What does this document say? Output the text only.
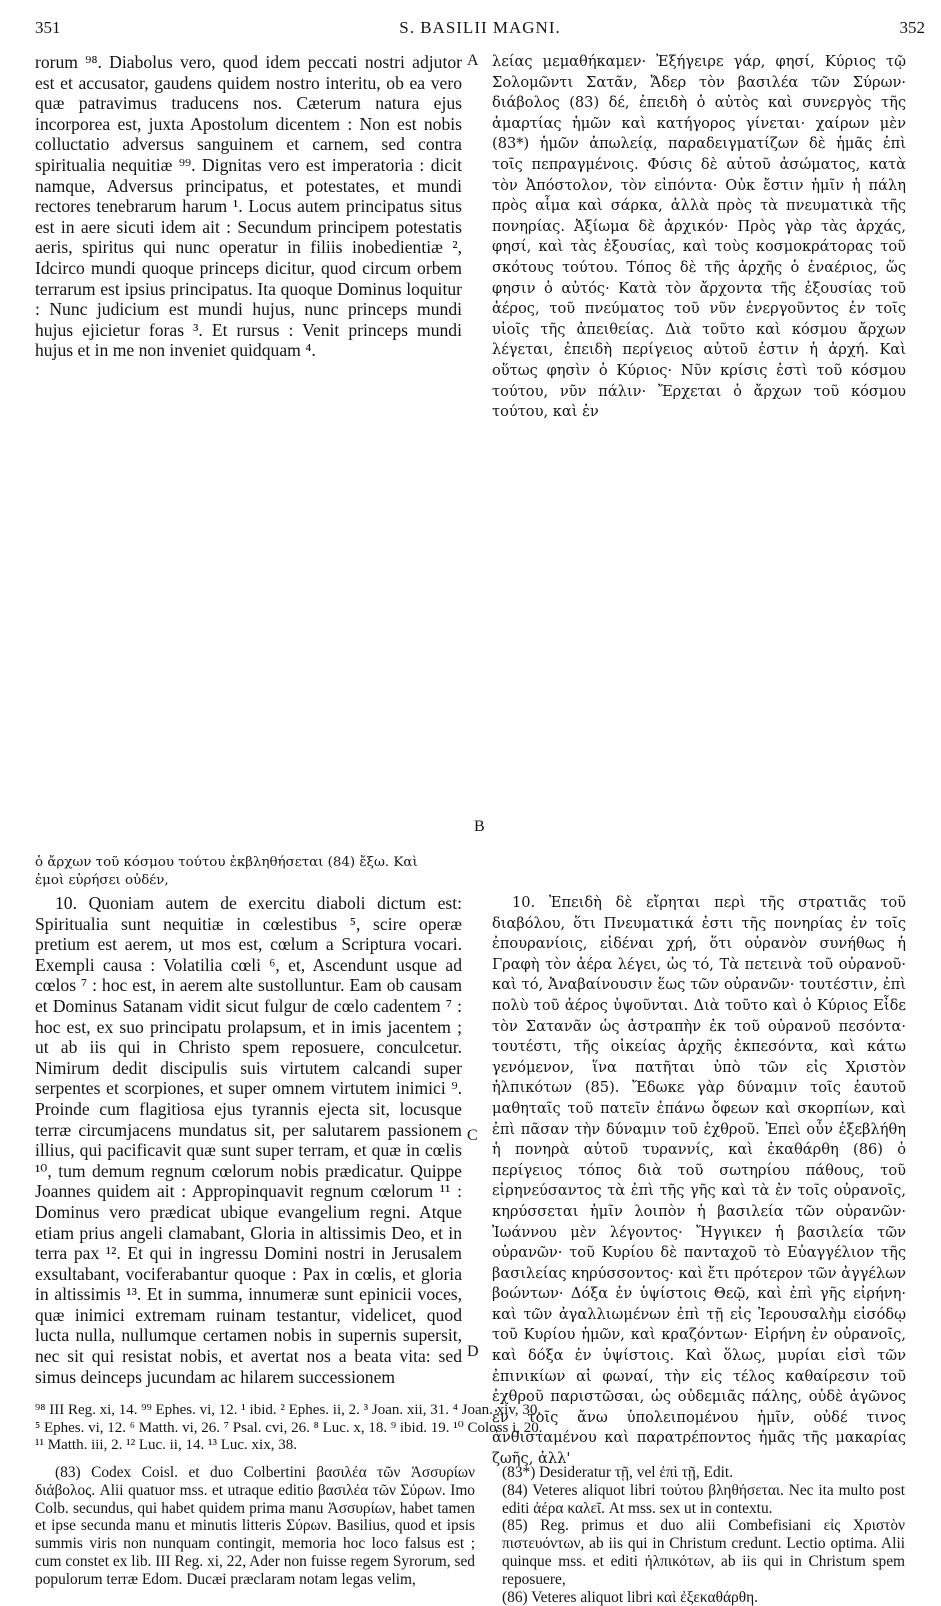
351	S. BASILII MAGNI.	352

rorum ⁹⁸. Diabolus vero, quod idem peccati nostri adjutor est et accusator, gaudens quidem nostro interitu, ob ea vero quæ patravimus traducens nos. Cæterum natura ejus incorporea est, juxta Apostolum dicentem : Non est nobis colluctatio adversus sanguinem et carnem, sed contra spiritualia nequitiæ ⁹⁹. Dignitas vero est imperatoria : dicit namque, Adversus principatus, et potestates, et mundi rectores tenebrarum harum ¹. Locus autem principatus situs est in aere sicuti idem ait : Secundum principem potestatis aeris, spiritus qui nunc operatur in filiis inobedientiæ ², Idcirco mundi quoque princeps dicitur, quod circum orbem terrarum est ipsius principatus. Ita quoque Dominus loquitur : Nunc judicium est mundi hujus, nunc princeps mundi hujus ejicietur foras ³. Et rursus : Venit princeps mundi hujus et in me non inveniet quidquam ⁴.

λείας μεμαθήκαμεν· Ἐξήγειρε γάρ, φησί, Κύριος τῷ Σολομῶντι Σατᾶν, Ἄδερ τὸν βασιλέα τῶν Σύρων· διάβολος (83) δέ, ἐπειδὴ ὁ αὐτὸς καὶ συνεργὸς τῆς ἁμαρτίας ἡμῶν καὶ κατήγορος γίνεται· χαίρων μὲν (83*) ἡμῶν ἀπωλείᾳ, παραδειγματίζων δὲ ἡμᾶς ἐπὶ τοῖς πεπραγμένοις. Φύσις δὲ αὐτοῦ ἀσώματος, κατὰ τὸν Ἀπόστολον, τὸν εἰπόντα· Οὐκ ἔστιν ἡμῖν ἡ πάλη πρὸς αἷμα καὶ σάρκα, ἀλλὰ πρὸς τὰ πνευματικὰ τῆς πονηρίας. Ἀξίωμα δὲ ἀρχικόν· Πρὸς γὰρ τὰς ἀρχάς, φησί, καὶ τὰς ἐξουσίας, καὶ τοὺς κοσμοκράτορας τοῦ σκότους τούτου. Τόπος δὲ τῆς ἀρχῆς ὁ ἐναέριος, ὥς φησιν ὁ αὐτός· Κατὰ τὸν ἄρχοντα τῆς ἐξουσίας τοῦ ἀέρος, τοῦ πνεύματος τοῦ νῦν ἐνεργοῦντος ἐν τοῖς υἱοῖς τῆς ἀπειθείας. Διὰ τοῦτο καὶ κόσμου ἄρχων λέγεται, ἐπειδὴ περίγειος αὐτοῦ ἐστιν ἡ ἀρχή. Καὶ οὕτως φησὶν ὁ Κύριος· Νῦν κρίσις ἐστὶ τοῦ κόσμου τούτου, νῦν πάλιν· Ἔρχεται ὁ ἄρχων τοῦ κόσμου τούτου, καὶ ἐν

ὁ ἄρχων τοῦ κόσμου τούτου ἐκβληθήσεται (84) ἔξω. Καὶ
ἐμοὶ εὑρήσει οὐδέν,

10. Quoniam autem de exercitu diaboli dictum est: Spiritualia sunt nequitiæ in cœlestibus ⁵, scire operæ pretium est aerem, ut mos est, cœlum a Scriptura vocari. Exempli causa : Volatilia cœli ⁶, et, Ascendunt usque ad cœlos ⁷ : hoc est, in aerem alte sustolluntur. Eam ob causam et Dominus Satanam vidit sicut fulgur de cœlo cadentem ⁷ : hoc est, ex suo principatu prolapsum, et in imis jacentem ; ut ab iis qui in Christo spem reposuere, conculcetur. Nimirum dedit discipulis suis virtutem calcandi super serpentes et scorpiones, et super omnem virtutem inimici ⁹. Proinde cum flagitiosa ejus tyrannis ejecta sit, locusque terræ circumjacens mundatus sit, per salutarem passionem illius, qui pacificavit quæ sunt super terram, et quæ in cœlis ¹⁰, tum demum regnum cœlorum nobis prædicatur. Quippe Joannes quidem ait : Appropinquavit regnum cœlorum ¹¹ : Dominus vero prædicat ubique evangelium regni. Atque etiam prius angeli clamabant, Gloria in altissimis Deo, et in terra pax ¹². Et qui in ingressu Domini nostri in Jerusalem exsultabant, vociferabantur quoque : Pax in cœlis, et gloria in altissimis ¹³. Et in summa, innumeræ sunt epinicii voces, quæ inimici extremam ruinam testantur, videlicet, quod lucta nulla, nullumque certamen nobis in supernis supersit, nec sit qui resistat nobis, et avertat nos a beata vita: sed simus deinceps jucundam ac hilarem successionem

10. Ἐπειδὴ δὲ εἴρηται περὶ τῆς στρατιᾶς τοῦ διαβόλου, ὅτι Πνευματικά ἐστι τῆς πονηρίας ἐν τοῖς ἐπουρανίοις, εἰδέναι χρή, ὅτι οὐρανὸν συνήθως ἡ Γραφὴ τὸν ἀέρα λέγει, ὡς τό, Τὰ πετεινὰ τοῦ οὐρανοῦ· καὶ τό, Ἀναβαίνουσιν ἕως τῶν οὐρανῶν· τουτέστιν, ἐπὶ πολὺ τοῦ ἀέρος ὑψοῦνται. Διὰ τοῦτο καὶ ὁ Κύριος Εἶδε τὸν Σατανᾶν ὡς ἀστραπὴν ἐκ τοῦ οὐρανοῦ πεσόντα· τουτέστι, τῆς οἰκείας ἀρχῆς ἐκπεσόντα, καὶ κάτω γενόμενον, ἵνα πατῆται ὑπὸ τῶν εἰς Χριστὸν ἠλπικότων (85). Ἔδωκε γὰρ δύναμιν τοῖς ἑαυτοῦ μαθηταῖς τοῦ πατεῖν ἐπάνω ὄφεων καὶ σκορπίων, καὶ ἐπὶ πᾶσαν τὴν δύναμιν τοῦ ἐχθροῦ. Ἐπεὶ οὖν ἐξεβλήθη ἡ πονηρὰ αὐτοῦ τυραννίς, καὶ ἐκαθάρθη (86) ὁ περίγειος τόπος διὰ τοῦ σωτηρίου πάθους, τοῦ εἰρηνεύσαντος τὰ ἐπὶ τῆς γῆς καὶ τὰ ἐν τοῖς οὐρανοῖς, κηρύσσεται ἡμῖν λοιπὸν ἡ βασιλεία τῶν οὐρανῶν· Ἰωάννου μὲν λέγοντος· Ἤγγικεν ἡ βασιλεία τῶν οὐρανῶν· τοῦ Κυρίου δὲ πανταχοῦ τὸ Εὐαγγέλιον τῆς βασιλείας κηρύσσοντος· καὶ ἔτι πρότερον τῶν ἀγγέλων βοώντων· Δόξα ἐν ὑψίστοις Θεῷ, καὶ ἐπὶ γῆς εἰρήνη· καὶ τῶν ἀγαλλιωμένων ἐπὶ τῇ εἰς Ἱερουσαλὴμ εἰσόδῳ τοῦ Κυρίου ἡμῶν, καὶ κραζόντων· Εἰρήνη ἐν οὐρανοῖς, καὶ δόξα ἐν ὑψίστοις. Καὶ ὅλως, μυρίαι εἰσὶ τῶν ἐπινικίων αἱ φωναί, τὴν εἰς τέλος καθαίρεσιν τοῦ ἐχθροῦ παριστῶσαι, ὡς οὐδεμιᾶς πάλης, οὐδὲ ἀγῶνος ἐν τοῖς ἄνω ὑπολειπομένου ἡμῖν, οὐδέ τινος ἀνθισταμένου καὶ παρατρέποντος ἡμᾶς τῆς μακαρίας ζωῆς, ἀλλ'

A
B
C
D
⁹⁸ III Reg. xi, 14. ⁹⁹ Ephes. vi, 12. ¹ ibid. ² Ephes. ii, 2. ³ Joan. xii, 31. ⁴ Joan. xiv, 30.
⁵ Ephes. vi, 12. ⁶ Matth. vi, 26. ⁷ Psal. cvi, 26. ⁸ Luc. x, 18. ⁹ ibid. 19. ¹⁰ Coloss i, 20.
¹¹ Matth. iii, 2. ¹² Luc. ii, 14. ¹³ Luc. xix, 38.

(83) Codex Coisl. et duo Colbertini βασιλέα τῶν Ἀσσυρίων διάβολος. Alii quatuor mss. et utraque editio βασιλέα τῶν Σύρων. Imo Colb. secundus, qui habet quidem prima manu Ἀσσυρίων, habet tamen et ipse secunda manu et minutis litteris Σύρων. Basilius, quod et ipsis summis viris non nunquam contingit, memoria hoc loco falsus est ; cum constet ex lib. III Reg. xi, 22, Ader non fuisse regem Syrorum, sed populorum terræ Edom. Ducæi præclaram notam legas velim,

(83*) Desideratur τῇ, vel ἐπὶ τῇ, Edit.

(84) Veteres aliquot libri τούτου βληθήσεται. Nec ita multo post editi ἀέρα καλεῖ. At mss. sex ut in contextu.

(85) Reg. primus et duo alii Combefisiani εἰς Χριστὸν πιστευόντων, ab iis qui in Christum credunt. Lectio optima. Alii quinque mss. et editi ἠλπικότων, ab iis qui in Christum spem reposuere,

(86) Veteres aliquot libri καὶ ἐξεκαθάρθη.
